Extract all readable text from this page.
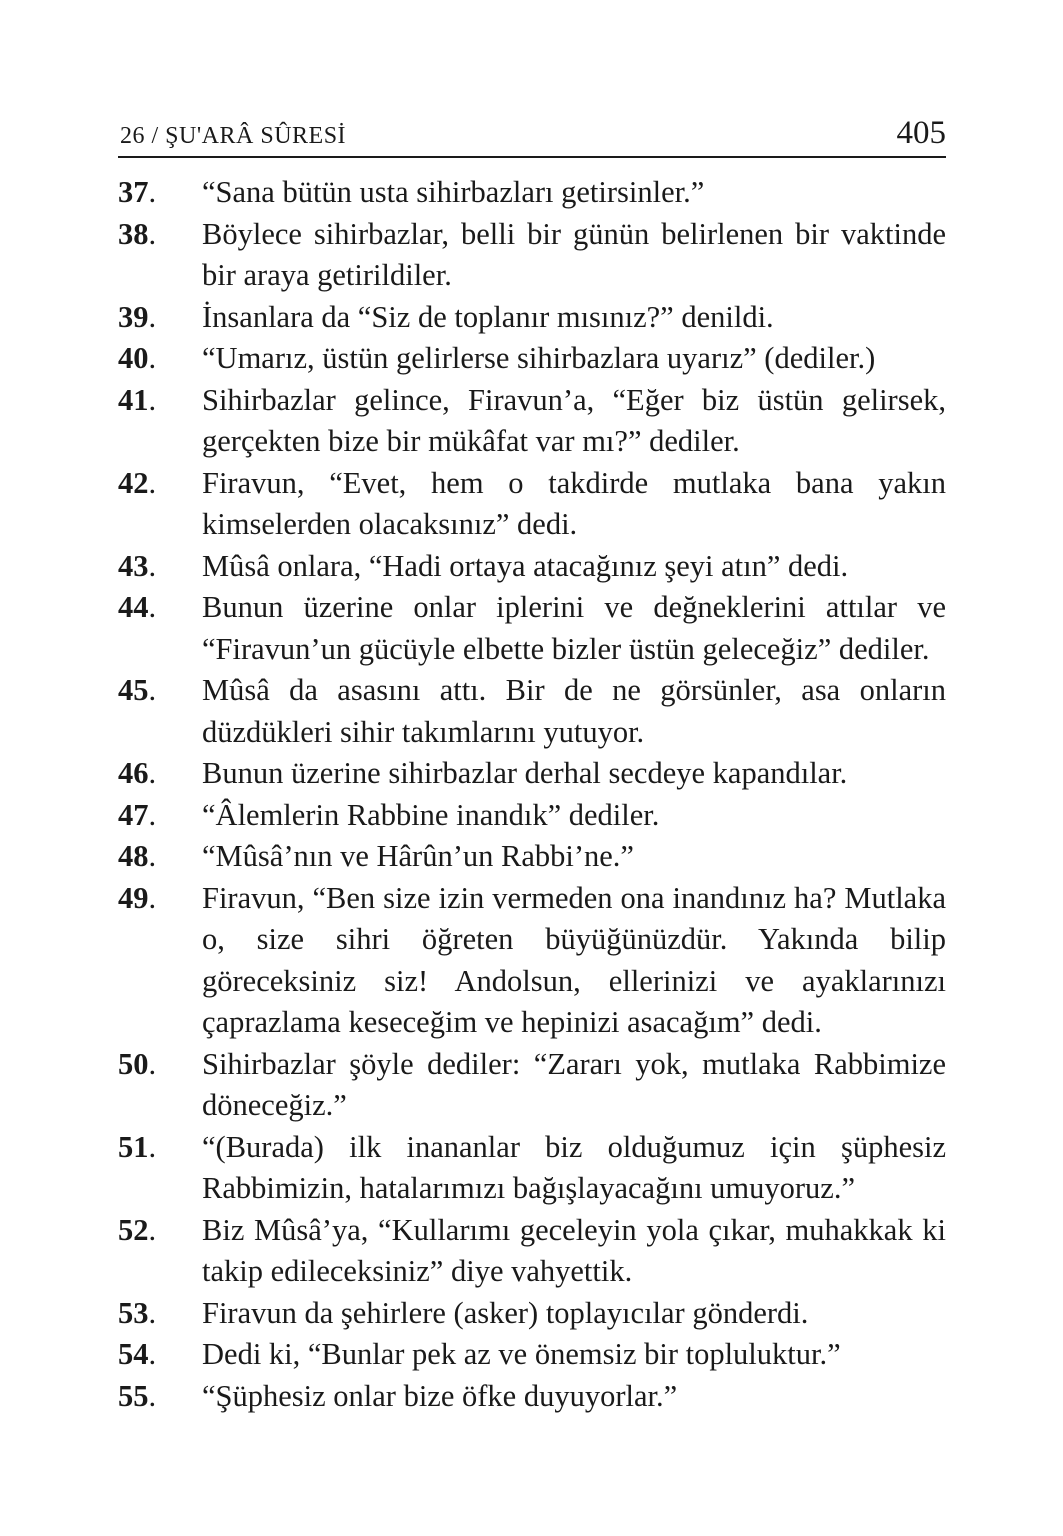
26 / ŞU'ARÂ SÛRESİ	405
37.	“Sana bütün usta sihirbazları getirsinler.”
38.	Böylece sihirbazlar, belli bir günün belirlenen bir vaktinde bir araya getirildiler.
39.	İnsanlara da “Siz de toplanır mısınız?” denildi.
40.	“Umarız, üstün gelirlerse sihirbazlara uyarız” (dediler.)
41.	Sihirbazlar gelince, Firavun’a, “Eğer biz üstün gelirsek, gerçekten bize bir mükâfat var mı?” dediler.
42.	Firavun, “Evet, hem o takdirde mutlaka bana yakın kimselerden olacaksınız” dedi.
43.	Mûsâ onlara, “Hadi ortaya atacağınız şeyi atın” dedi.
44.	Bunun üzerine onlar iplerini ve değneklerini attılar ve “Firavun’un gücüyle elbette bizler üstün geleceğiz” dediler.
45.	Mûsâ da asasını attı. Bir de ne görsünler, asa onların düzdükleri sihir takımlarını yutuyor.
46.	Bunun üzerine sihirbazlar derhal secdeye kapandılar.
47.	“Âlemlerin Rabbine inandık” dediler.
48.	“Mûsâ’nın ve Hârûn’un Rabbi’ne.”
49.	Firavun, “Ben size izin vermeden ona inandınız ha? Mutlaka o, size sihri öğreten büyüğünüzdür. Yakında bilip göreceksiniz siz! Andolsun, ellerinizi ve ayaklarınızı çaprazlama keseceğim ve hepinizi asacağım” dedi.
50.	Sihirbazlar şöyle dediler: “Zararı yok, mutlaka Rabbimize döneceğiz.”
51.	“(Burada) ilk inananlar biz olduğumuz için şüphesiz Rabbimizin, hatalarımızı bağışlayacağını umuyoruz.”
52.	Biz Mûsâ’ya, “Kullarımı geceleyin yola çıkar, muhakkak ki takip edileceksiniz” diye vahyettik.
53.	Firavun da şehirlere (asker) toplayıcılar gönderdi.
54.	Dedi ki, “Bunlar pek az ve önemsiz bir topluluktur.”
55.	“Şüphesiz onlar bize öfke duyuyorlar.”
